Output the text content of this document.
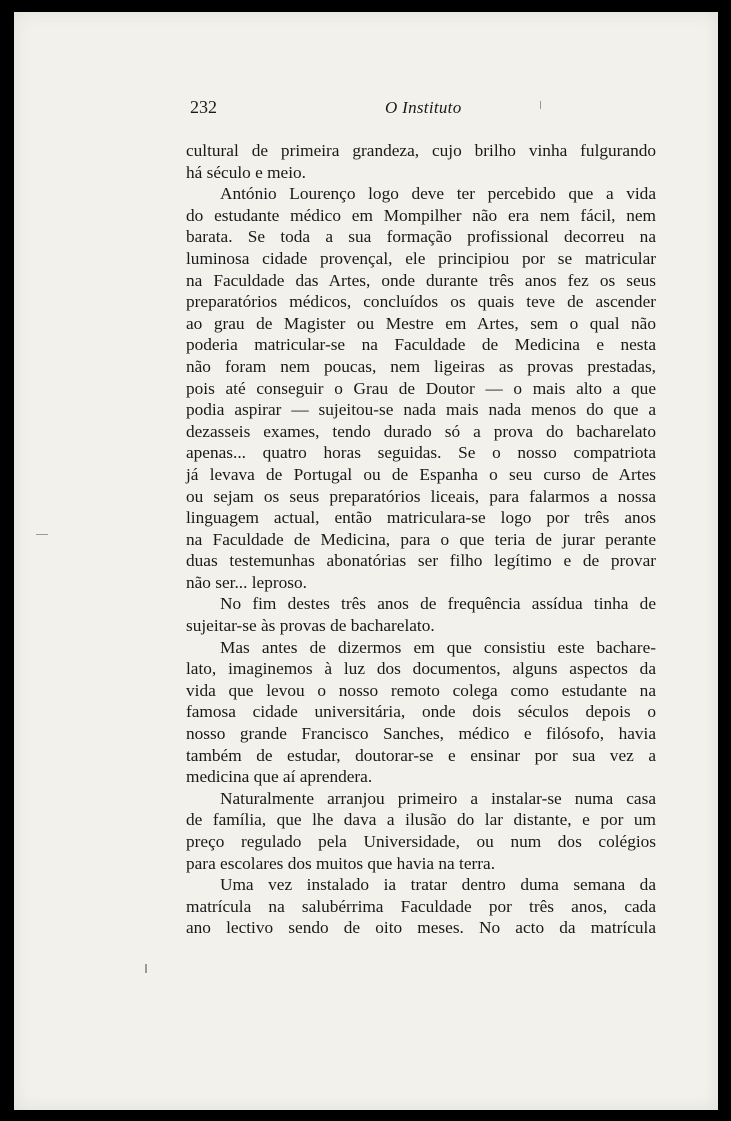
232	O Instituto
cultural de primeira grandeza, cujo brilho vinha fulgurando
há século e meio.
António Lourenço logo deve ter percebido que a vida
do estudante médico em Mompilher não era nem fácil, nem
barata. Se toda a sua formação profissional decorreu na
luminosa cidade provençal, ele principiou por se matricular
na Faculdade das Artes, onde durante três anos fez os seus
preparatórios médicos, concluídos os quais teve de ascender
ao grau de Magister ou Mestre em Artes, sem o qual não
poderia matricular-se na Faculdade de Medicina e nesta
não foram nem poucas, nem ligeiras as provas prestadas,
pois até conseguir o Grau de Doutor — o mais alto a que
podia aspirar — sujeitou-se nada mais nada menos do que a
dezasseis exames, tendo durado só a prova do bacharelato
apenas... quatro horas seguidas. Se o nosso compatriota
já levava de Portugal ou de Espanha o seu curso de Artes
ou sejam os seus preparatórios liceais, para falarmos a nossa
linguagem actual, então matriculara-se logo por três anos
na Faculdade de Medicina, para o que teria de jurar perante
duas testemunhas abonatórias ser filho legítimo e de provar
não ser... leproso.
No fim destes três anos de frequência assídua tinha de
sujeitar-se às provas de bacharelato.
Mas antes de dizermos em que consistiu este bachare-
lato, imaginemos à luz dos documentos, alguns aspectos da
vida que levou o nosso remoto colega como estudante na
famosa cidade universitária, onde dois séculos depois o
nosso grande Francisco Sanches, médico e filósofo, havia
também de estudar, doutorar-se e ensinar por sua vez a
medicina que aí aprendera.
Naturalmente arranjou primeiro a instalar-se numa casa
de família, que lhe dava a ilusão do lar distante, e por um
preço regulado pela Universidade, ou num dos colégios
para escolares dos muitos que havia na terra.
Uma vez instalado ia tratar dentro duma semana da
matrícula na salubérrima Faculdade por três anos, cada
ano lectivo sendo de oito meses. No acto da matrícula
